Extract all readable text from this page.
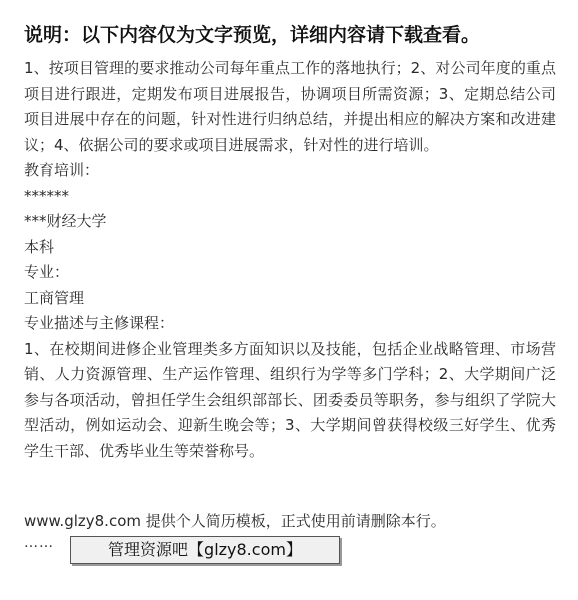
说明：以下内容仅为文字预览，详细内容请下载查看。
1、按项目管理的要求推动公司每年重点工作的落地执行；2、对公司年度的重点项目进行跟进，定期发布项目进展报告，协调项目所需资源；3、定期总结公司项目进展中存在的问题，针对性进行归纳总结，并提出相应的解决方案和改进建议；4、依据公司的要求或项目进展需求，针对性的进行培训。
教育培训：
******
***财经大学
本科
专业：
工商管理
专业描述与主修课程：
1、在校期间进修企业管理类多方面知识以及技能，包括企业战略管理、市场营销、人力资源管理、生产运作管理、组织行为学等多门学科；2、大学期间广泛参与各项活动，曾担任学生会组织部部长、团委委员等职务，参与组织了学院大型活动，例如运动会、迎新生晚会等；3、大学期间曾获得校级三好学生、优秀学生干部、优秀毕业生等荣誉称号。
www.glzy8.com 提供个人简历模板，正式使用前请删除本行。
……	管理资源吧【glzy8.com】
